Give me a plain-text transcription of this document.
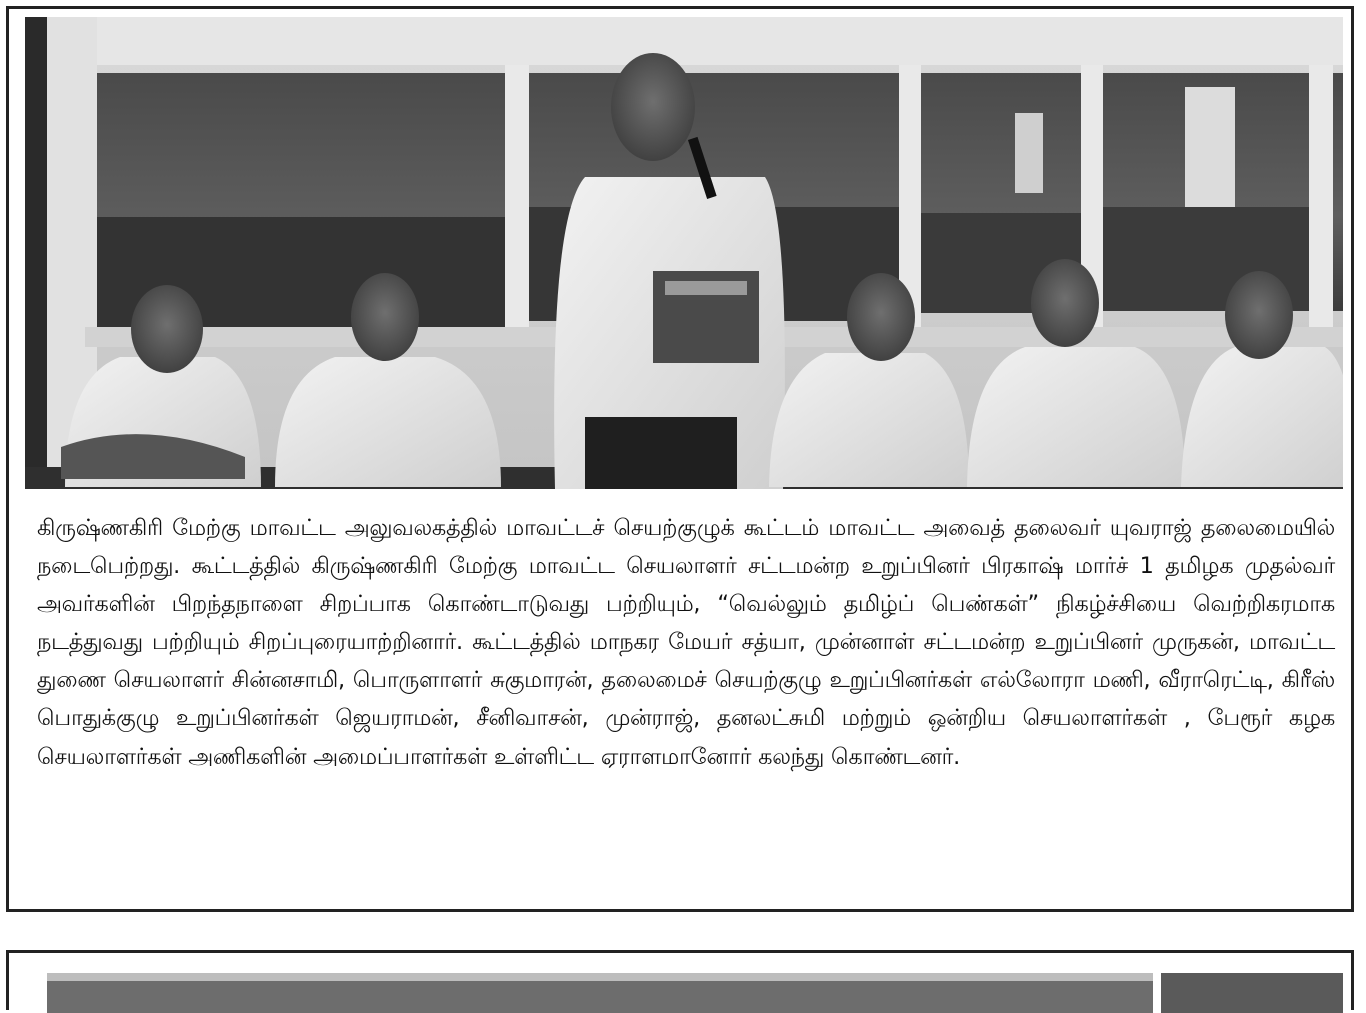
கிருஷ்ணகிரி மேற்கு மாவட்ட அலுவலகத்தில் மாவட்டச் செயற்குழுக் கூட்டம் மாவட்ட அவைத் தலைவர் யுவராஜ் தலைமையில் நடைபெற்றது. கூட்டத்தில் கிருஷ்ணகிரி மேற்கு மாவட்ட செயலாளர் சட்டமன்ற உறுப்பினர் பிரகாஷ் மார்ச் 1 தமிழக முதல்வர் அவர்களின் பிறந்தநாளை சிறப்பாக கொண்டாடுவது பற்றியும், “வெல்லும் தமிழ்ப் பெண்கள்” நிகழ்ச்சியை வெற்றிகரமாக நடத்துவது பற்றியும் சிறப்புரையாற்றினார். கூட்டத்தில் மாநகர மேயர் சத்யா, முன்னாள் சட்டமன்ற உறுப்பினர் முருகன், மாவட்ட துணை செயலாளர் சின்னசாமி, பொருளாளர் சுகுமாரன், தலைமைச் செயற்குழு உறுப்பினர்கள் எல்லோரா மணி, வீராரெட்டி, கிரீஸ் பொதுக்குழு உறுப்பினர்கள் ஜெயராமன், சீனிவாசன், முன்ராஜ், தனலட்சுமி மற்றும் ஒன்றிய செயலாளர்கள் , பேரூர் கழக செயலாளர்கள் அணிகளின் அமைப்பாளர்கள் உள்ளிட்ட ஏராளமானோர் கலந்து கொண்டனர்.
